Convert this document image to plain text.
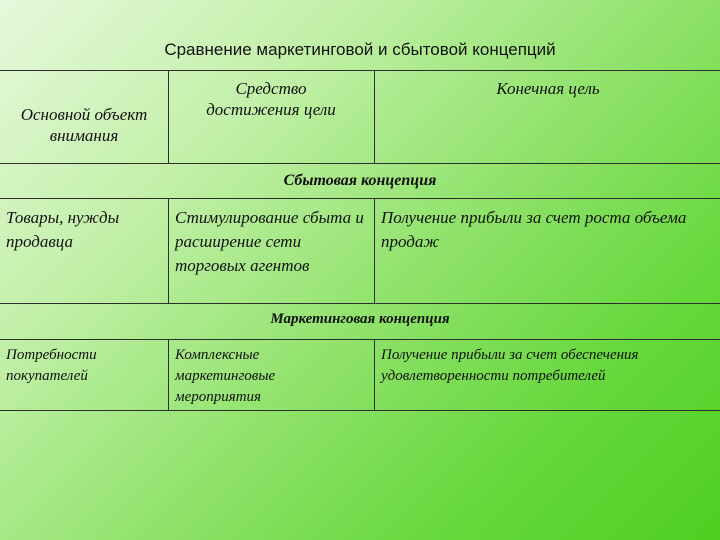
Сравнение маркетинговой и сбытовой концепций
Основной объект внимания
Средство достижения цели
Конечная цель
Сбытовая концепция
Товары, нужды продавца
Стимулирование сбыта и расширение сети торговых агентов
Получение прибыли за счет роста объема продаж
Маркетинговая концепция
Потребности покупателей
Комплексные маркетинговые мероприятия
Получение прибыли за счет обеспечения удовлетворенности потребителей
